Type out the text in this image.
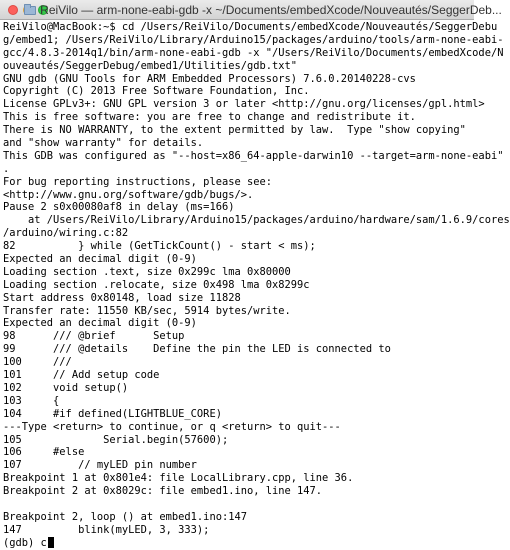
ReiVilo — arm-none-eabi-gdb -x ~/Documents/embedXcode/Nouveautés/SeggerDeb...
ReiVilo@MacBook:~$ cd /Users/ReiVilo/Documents/embedXcode/Nouveautés/SeggerDebu
g/embed1; /Users/ReiVilo/Library/Arduino15/packages/arduino/tools/arm-none-eabi-
gcc/4.8.3-2014q1/bin/arm-none-eabi-gdb -x "/Users/ReiVilo/Documents/embedXcode/N
ouveautés/SeggerDebug/embed1/Utilities/gdb.txt"
GNU gdb (GNU Tools for ARM Embedded Processors) 7.6.0.20140228-cvs
Copyright (C) 2013 Free Software Foundation, Inc.
License GPLv3+: GNU GPL version 3 or later <http://gnu.org/licenses/gpl.html>
This is free software: you are free to change and redistribute it.
There is NO WARRANTY, to the extent permitted by law.  Type "show copying"
and "show warranty" for details.
This GDB was configured as "--host=x86_64-apple-darwin10 --target=arm-none-eabi"
.
For bug reporting instructions, please see:
<http://www.gnu.org/software/gdb/bugs/>.
Pause 2 s0x00080af8 in delay (ms=166)
at /Users/ReiVilo/Library/Arduino15/packages/arduino/hardware/sam/1.6.9/cores
/arduino/wiring.c:82
82          } while (GetTickCount() - start < ms);
Expected an decimal digit (0-9)
Loading section .text, size 0x299c lma 0x80000
Loading section .relocate, size 0x498 lma 0x8299c
Start address 0x80148, load size 11828
Transfer rate: 11550 KB/sec, 5914 bytes/write.
Expected an decimal digit (0-9)
98      /// @brief      Setup
99      /// @details    Define the pin the LED is connected to
100     ///
101     // Add setup code
102     void setup()
103     {
104     #if defined(LIGHTBLUE_CORE)
---Type <return> to continue, or q <return> to quit---
105             Serial.begin(57600);
106     #else
107         // myLED pin number
Breakpoint 1 at 0x801e4: file LocalLibrary.cpp, line 36.
Breakpoint 2 at 0x8029c: file embed1.ino, line 147.
Breakpoint 2, loop () at embed1.ino:147
147         blink(myLED, 3, 333);
(gdb) c
